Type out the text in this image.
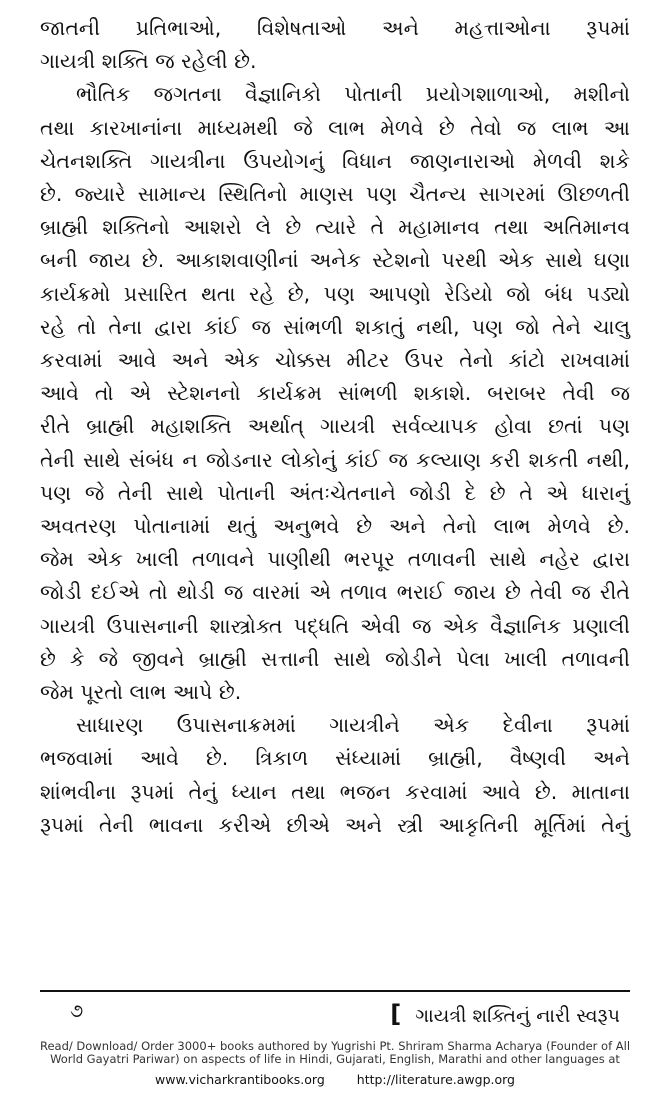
જાતની પ્રતિભાઓ, વિશેષતાઓ અને મહત્તાઓના રૂપમાં
ગાયત્રી શક્તિ જ રહેલી છે.
ભૌતિક જગતના વૈજ્ઞાનિકો પોતાની પ્રયોગશાળાઓ, મશીનો
તથા કારખાનાંના માધ્યમથી જે લાભ મેળવે છે તેવો જ લાભ આ
ચેતનશક્તિ ગાયત્રીના ઉપયોગનું વિધાન જાણનારાઓ મેળવી શકે
છે. જ્યારે સામાન્ય સ્થિતિનો માણસ પણ ચૈતન્ય સાગરમાં ઊછળતી
બ્રાહ્મી શક્તિનો આશરો લે છે ત્યારે તે મહામાનવ તથા અતિમાનવ
બની જાય છે. આકાશવાણીનાં અનેક સ્ટેશનો પરથી એક સાથે ઘણા
કાર્યક્રમો પ્રસારિત થતા રહે છે, પણ આપણો રેડિયો જો બંધ પડ્યો
રહે તો તેના દ્વારા કાંઈ જ સાંભળી શકાતું નથી, પણ જો તેને ચાલુ
કરવામાં આવે અને એક ચોક્કસ મીટર ઉપર તેનો કાંટો રાખવામાં
આવે તો એ સ્ટેશનનો કાર્યક્રમ સાંભળી શકાશે. બરાબર તેવી જ
રીતે બ્રાહ્મી મહાશક્તિ અર્થાત્ ગાયત્રી સર્વવ્યાપક હોવા છતાં પણ
તેની સાથે સંબંધ ન જોડનાર લોકોનું કાંઈ જ કલ્યાણ કરી શકતી નથી,
પણ જે તેની સાથે પોતાની અંતઃચેતનાને જોડી દે છે તે એ ધારાનું
અવતરણ પોતાનામાં થતું અનુભવે છે અને તેનો લાભ મેળવે છે.
જેમ એક ખાલી તળાવને પાણીથી ભરપૂર તળાવની સાથે નહેર દ્વારા
જોડી દઈએ તો થોડી જ વારમાં એ તળાવ ભરાઈ જાય છે તેવી જ રીતે
ગાયત્રી ઉપાસનાની શાસ્ત્રોક્ત પદ્ધતિ એવી જ એક વૈજ્ઞાનિક પ્રણાલી
છે કે જે જીવને બ્રાહ્મી સત્તાની સાથે જોડીને પેલા ખાલી તળાવની
જેમ પૂરતો લાભ આપે છે.
સાધારણ ઉપાસનાક્રમમાં ગાયત્રીને એક દેવીના રૂપમાં
ભજવામાં આવે છે. ત્રિકાળ સંધ્યામાં બ્રાહ્મી, વૈષ્ણવી અને
શાંભવીના રૂપમાં તેનું ધ્યાન તથા ભજન કરવામાં આવે છે. માતાના
રૂપમાં તેની ભાવના કરીએ છીએ અને સ્ત્રી આકૃતિની મૂર્તિમાં તેનું
૭	[ ગાયત્રી શક્તિનું નારી સ્વરૂપ
Read/ Download/ Order 3000+ books authored by Yugrishi Pt. Shriram Sharma Acharya (Founder of All
World Gayatri Pariwar) on aspects of life in Hindi, Gujarati, English, Marathi and other languages at
www.vicharkrantibooks.org	http://literature.awgp.org
